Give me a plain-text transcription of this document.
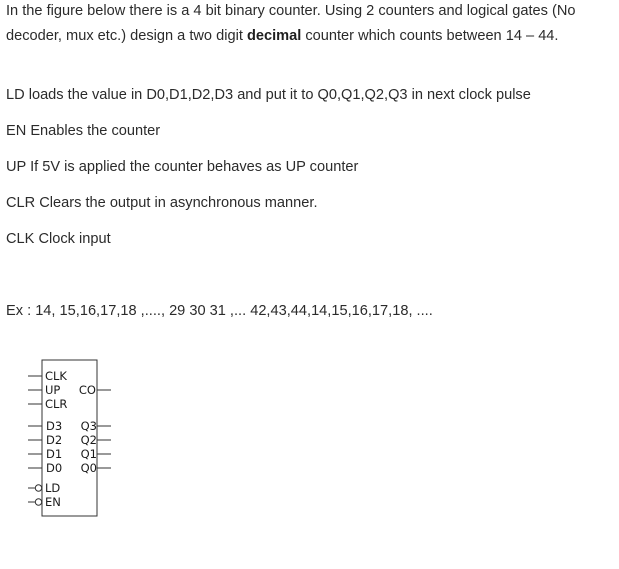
In the figure below there is a 4 bit binary counter. Using 2 counters and logical gates (No decoder, mux etc.) design a two digit decimal counter which counts between 14 – 44.

LD loads the value in D0,D1,D2,D3 and put it to Q0,Q1,Q2,Q3 in next clock pulse

EN Enables the counter

UP If 5V is applied the counter behaves as UP counter

CLR Clears the output in asynchronous manner.

CLK Clock input

Ex : 14, 15,16,17,18 ,...., 29 30 31 ,... 42,43,44,14,15,16,17,18, ....

CLK
UP
CLR
D3
D2
D1
D0
LD
EN
CO
Q3
Q2
Q1
Q0
